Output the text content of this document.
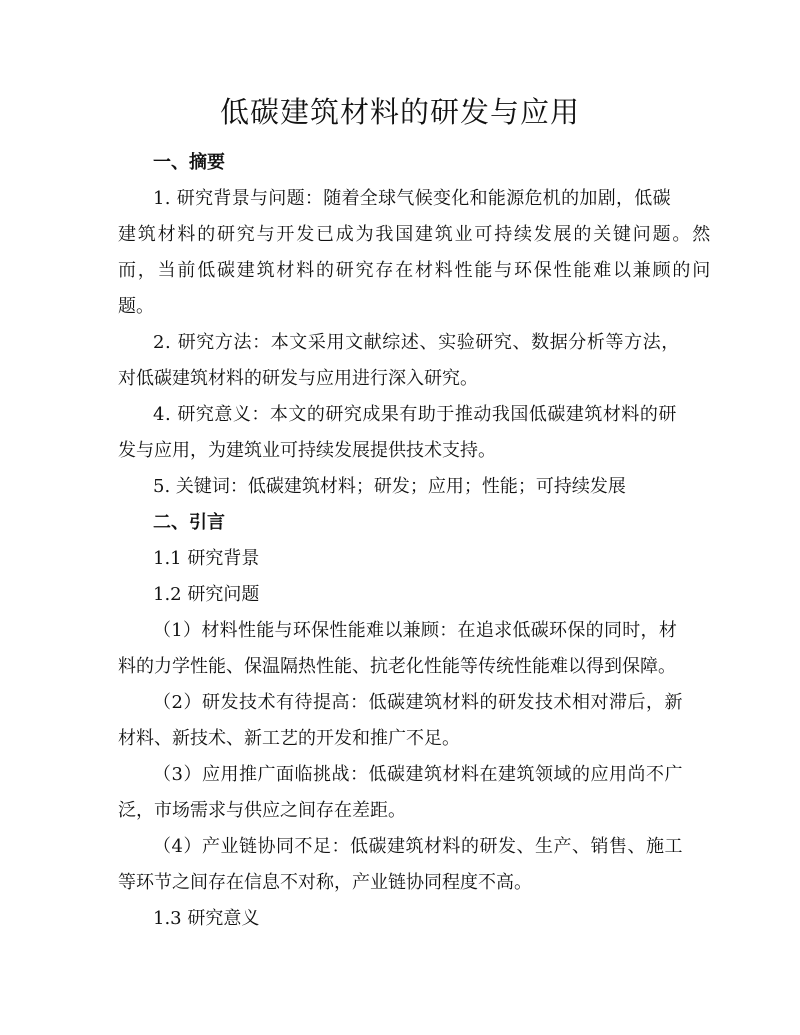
低碳建筑材料的研发与应用
一、摘要
1. 研究背景与问题：随着全球气候变化和能源危机的加剧，低碳
建筑材料的研究与开发已成为我国建筑业可持续发展的关键问题。然
而，当前低碳建筑材料的研究存在材料性能与环保性能难以兼顾的问
题。
2. 研究方法：本文采用文献综述、实验研究、数据分析等方法，
对低碳建筑材料的研发与应用进行深入研究。
4. 研究意义：本文的研究成果有助于推动我国低碳建筑材料的研
发与应用，为建筑业可持续发展提供技术支持。
5. 关键词：低碳建筑材料；研发；应用；性能；可持续发展
二、引言
1.1 研究背景
1.2 研究问题
（1）材料性能与环保性能难以兼顾：在追求低碳环保的同时，材
料的力学性能、保温隔热性能、抗老化性能等传统性能难以得到保障。
（2）研发技术有待提高：低碳建筑材料的研发技术相对滞后，新
材料、新技术、新工艺的开发和推广不足。
（3）应用推广面临挑战：低碳建筑材料在建筑领域的应用尚不广
泛，市场需求与供应之间存在差距。
（4）产业链协同不足：低碳建筑材料的研发、生产、销售、施工
等环节之间存在信息不对称，产业链协同程度不高。
1.3 研究意义
